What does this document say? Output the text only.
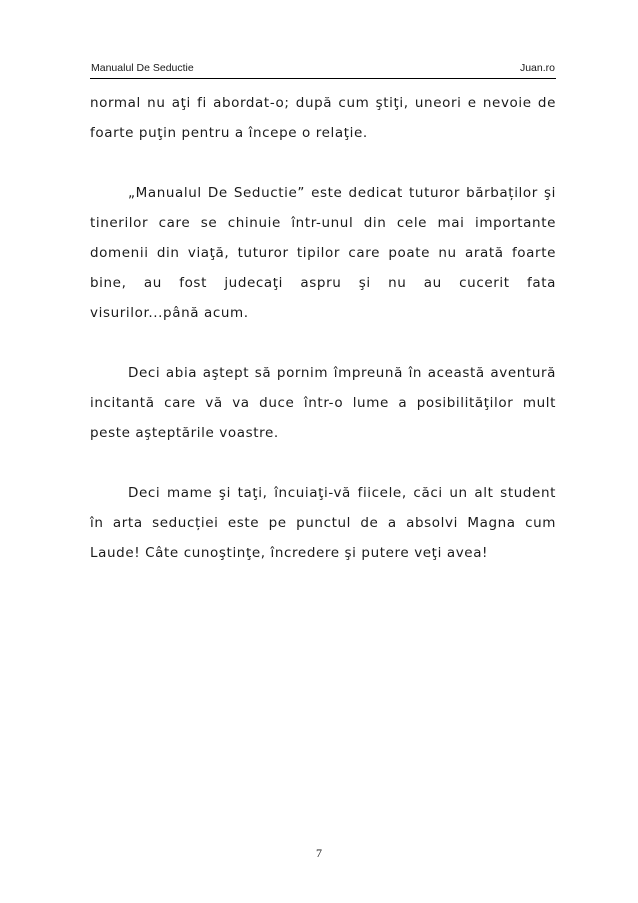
Manualul De Seductie	Juan.ro

normal nu aţi fi abordat-o; după cum ştiţi, uneori e nevoie de foarte puţin pentru a începe o relaţie.

„Manualul De Seductie” este dedicat tuturor bărbaților şi tinerilor care se chinuie într-unul din cele mai importante domenii din viaţă, tuturor tipilor care poate nu arată foarte bine, au fost judecaţi aspru şi nu au cucerit fata visurilor...până acum.

Deci abia aştept să pornim împreună în această aventură incitantă care vă va duce într-o lume a posibilităţilor mult peste aşteptările voastre.

Deci mame şi taţi, încuiaţi-vă fiicele, căci un alt student în arta seducției este pe punctul de a absolvi Magna cum Laude! Câte cunoştinţe, încredere şi putere veţi avea!

7
